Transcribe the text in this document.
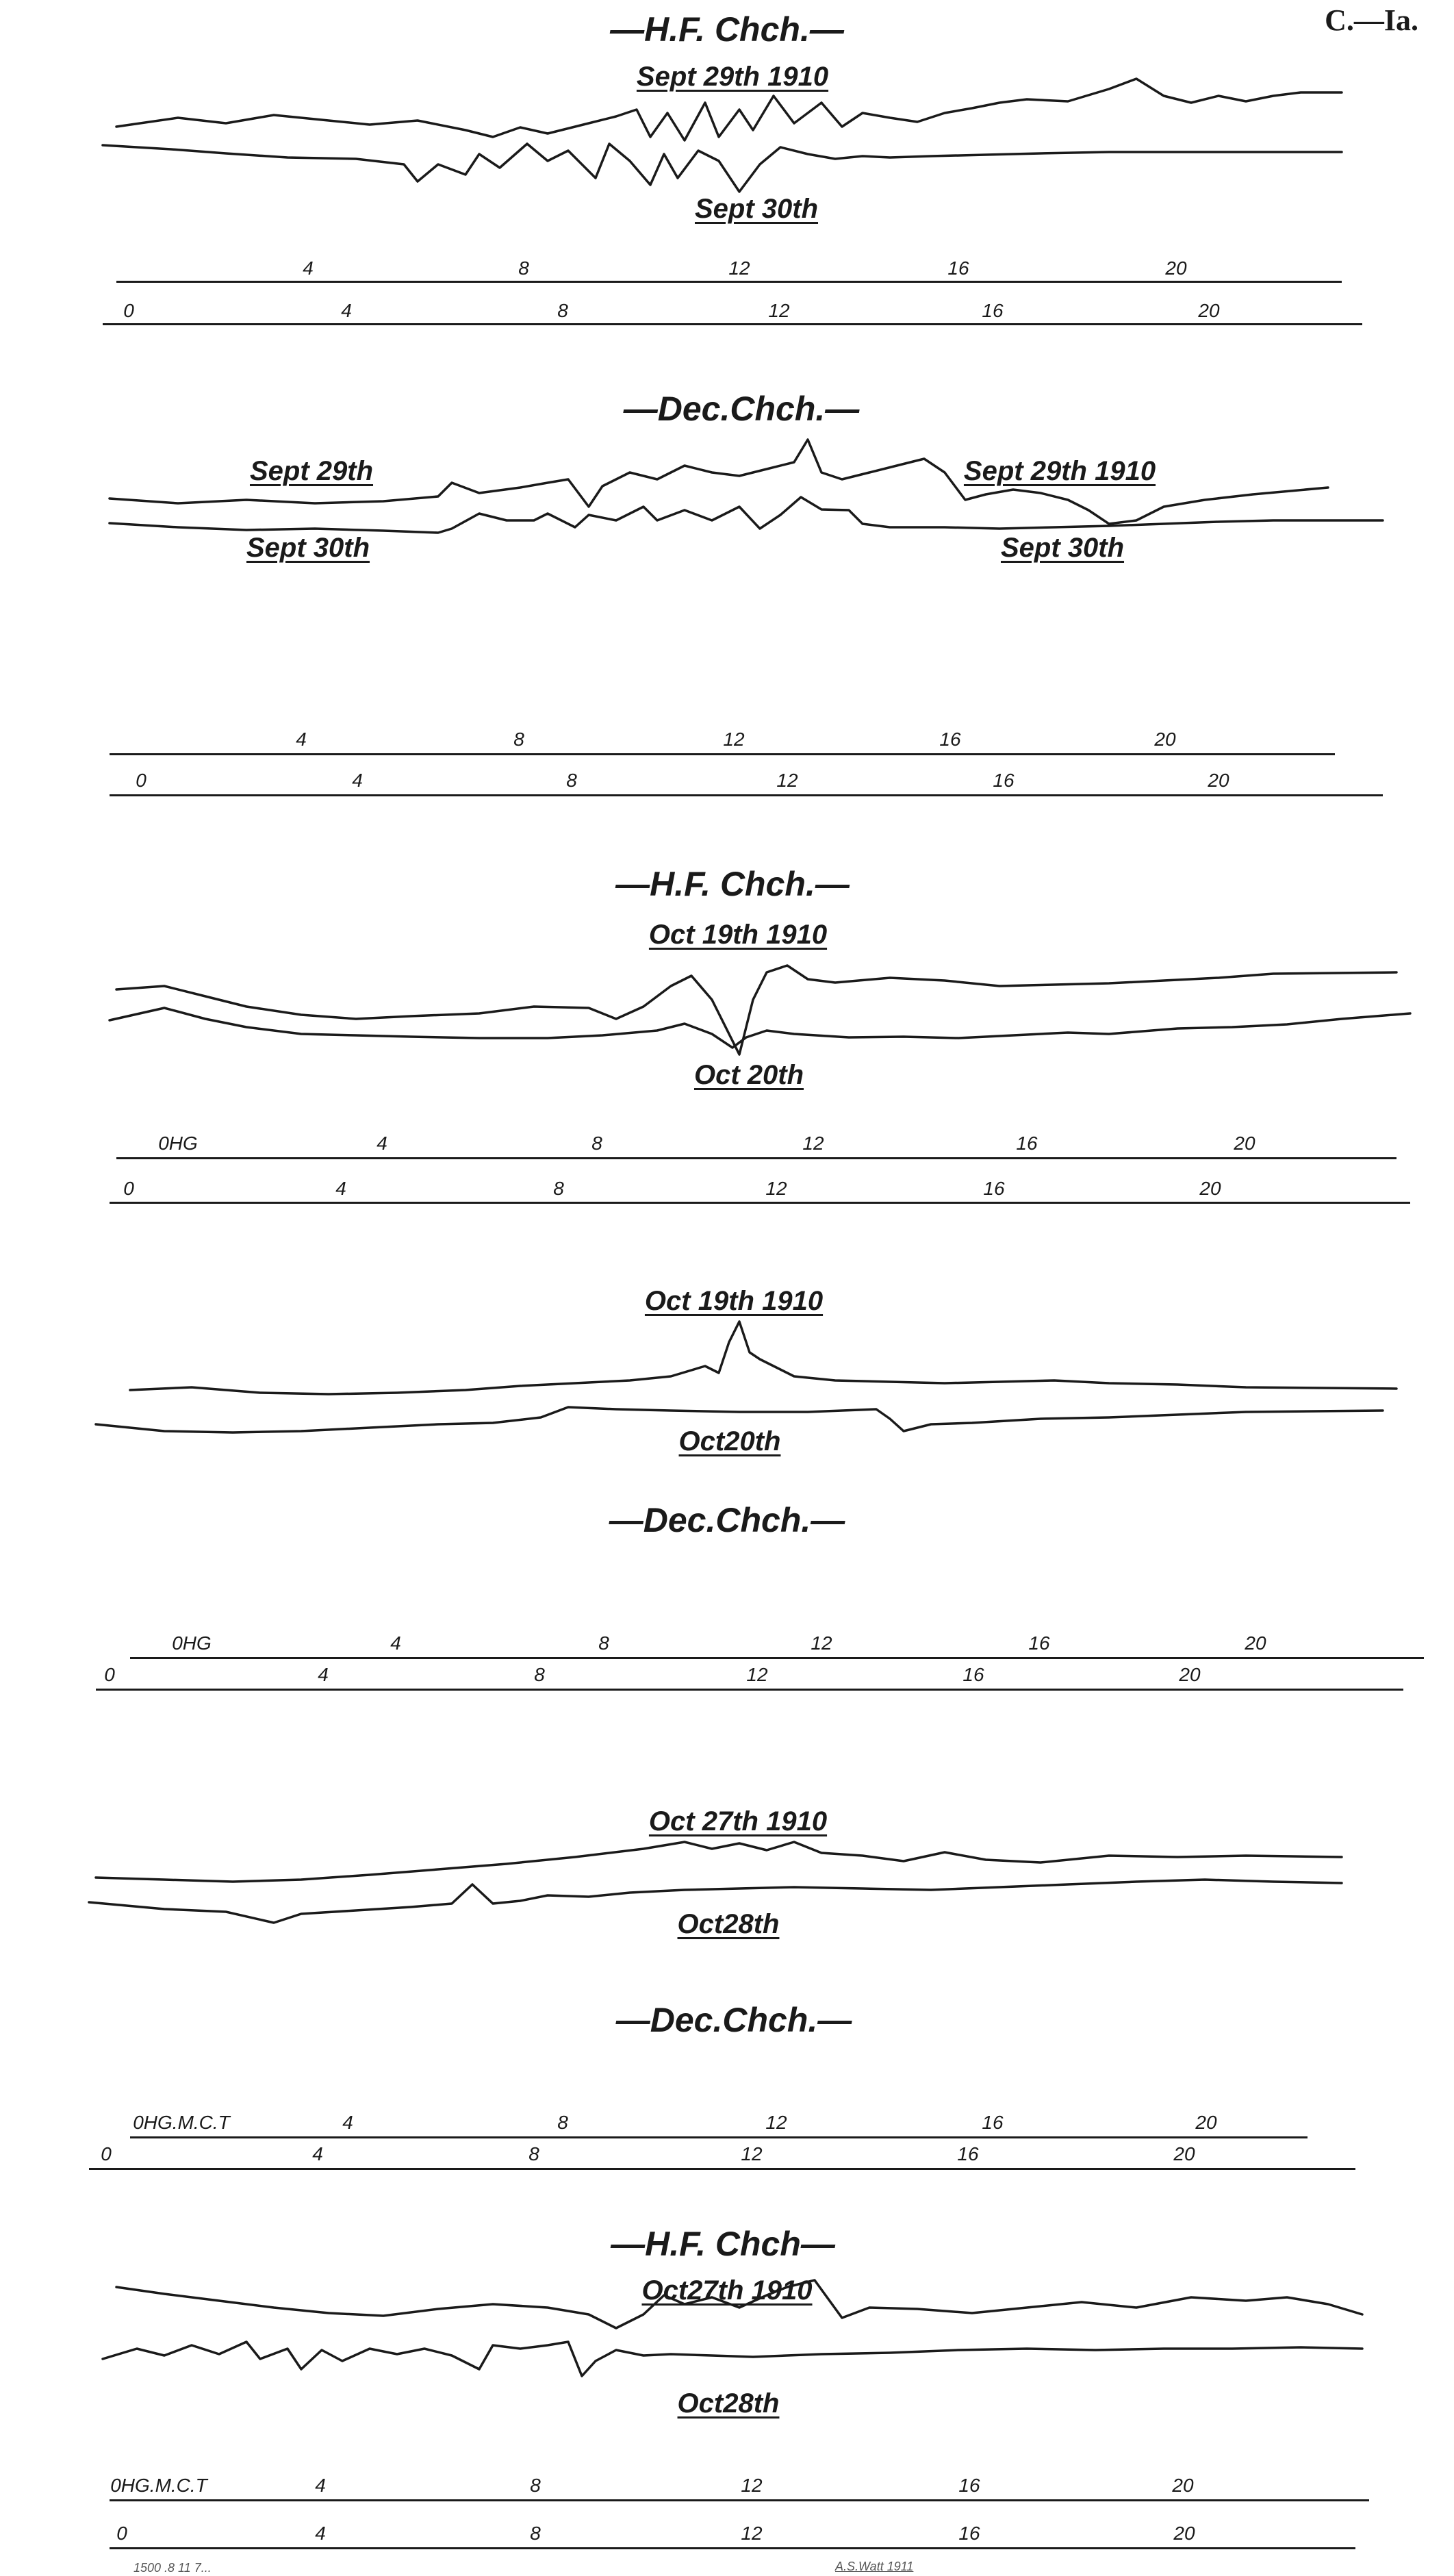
C.—Ia.
—H.F. Chch.—
Sept 29th 1910
Sept 30th
4	8	12	16	20
0	4	8	12	16	20
—Dec.Chch.—
Sept 29th
Sept 30th
Sept 29th 1910
Sept 30th
4	8	12	16	20
0	4	8	12	16	20
—H.F. Chch.—
Oct 19th 1910
Oct 20th
0HG	4	8	12	16	20
0	4	8	12	16	20
Oct 19th 1910
Oct20th
—Dec.Chch.—
0HG	4	8	12	16	20
0	4	8	12	16	20
Oct 27th 1910
Oct28th
—Dec.Chch.—
0HG.M.C.T	4	8	12	16	20
0	4	8	12	16	20
—H.F. Chch—
Oct27th 1910
Oct28th
0HG.M.C.T	4	8	12	16	20
0	4	8	12	16	20
1500 .8 11 7...	A.S.Watt 1911
